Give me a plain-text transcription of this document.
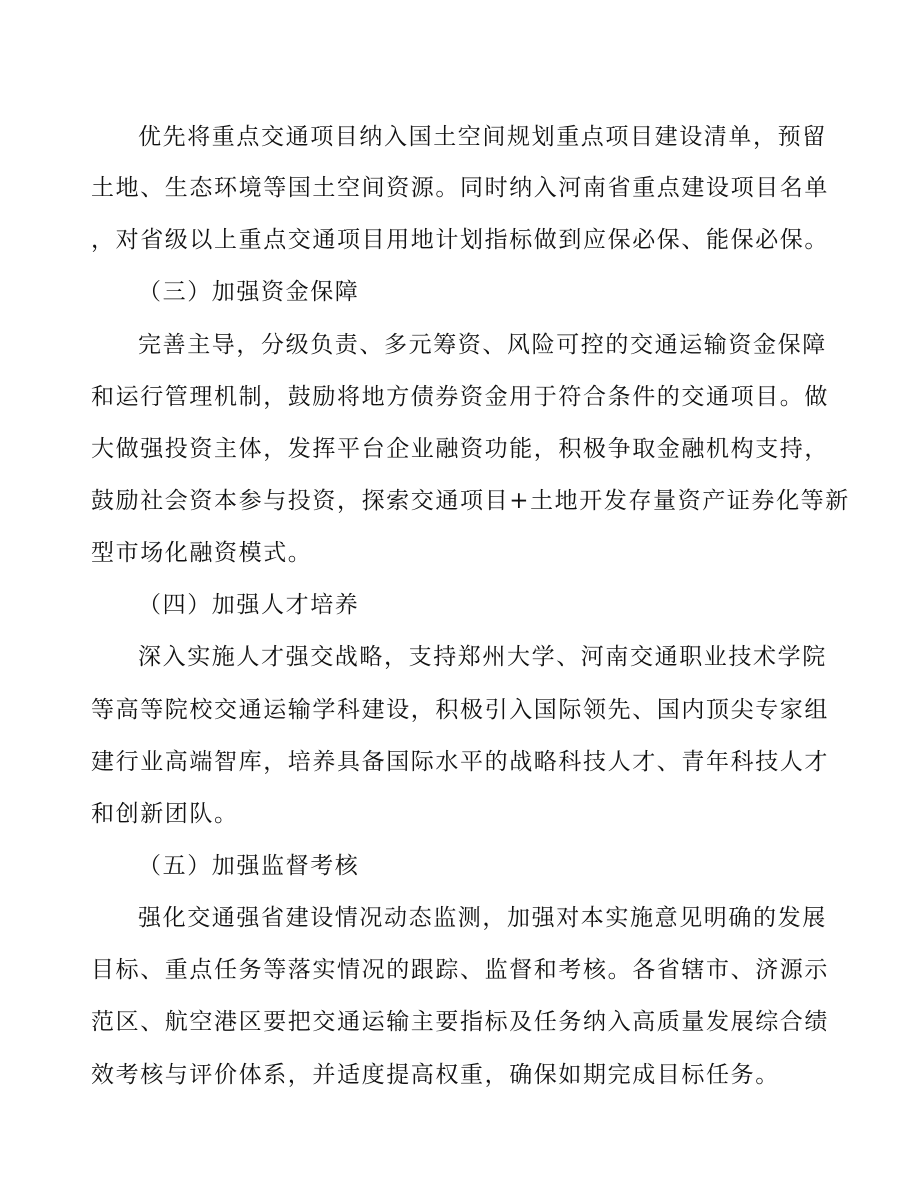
优先将重点交通项目纳入国土空间规划重点项目建设清单，预留
土地、生态环境等国土空间资源。同时纳入河南省重点建设项目名单
，对省级以上重点交通项目用地计划指标做到应保必保、能保必保。
（三）加强资金保障
完善主导，分级负责、多元筹资、风险可控的交通运输资金保障
和运行管理机制，鼓励将地方债券资金用于符合条件的交通项目。做
大做强投资主体，发挥平台企业融资功能，积极争取金融机构支持，
鼓励社会资本参与投资，探索交通项目+土地开发存量资产证券化等新
型市场化融资模式。
（四）加强人才培养
深入实施人才强交战略，支持郑州大学、河南交通职业技术学院
等高等院校交通运输学科建设，积极引入国际领先、国内顶尖专家组
建行业高端智库，培养具备国际水平的战略科技人才、青年科技人才
和创新团队。
（五）加强监督考核
强化交通强省建设情况动态监测，加强对本实施意见明确的发展
目标、重点任务等落实情况的跟踪、监督和考核。各省辖市、济源示
范区、航空港区要把交通运输主要指标及任务纳入高质量发展综合绩
效考核与评价体系，并适度提高权重，确保如期完成目标任务。
